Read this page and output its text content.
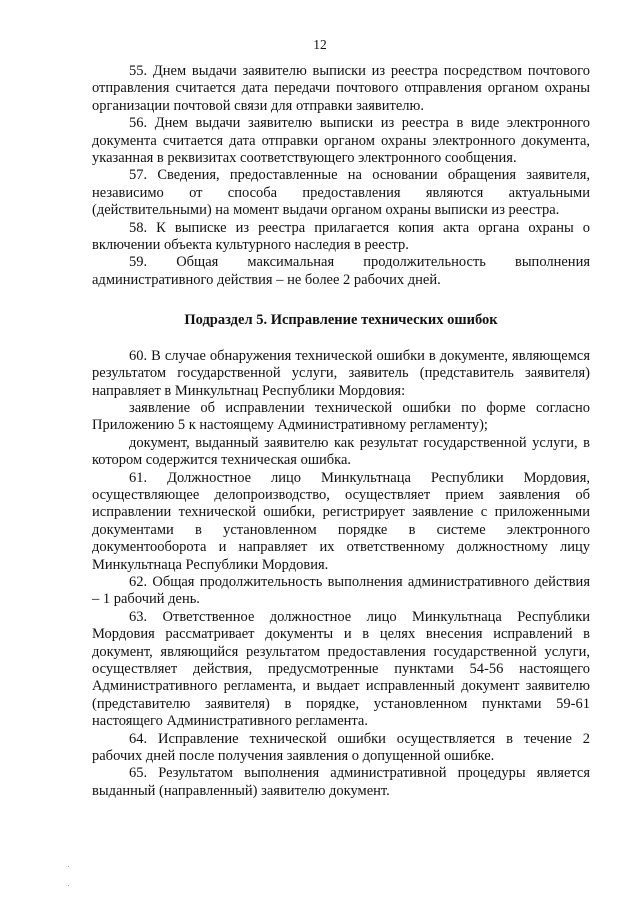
12

55. Днем выдачи заявителю выписки из реестра посредством почтового отправления считается дата передачи почтового отправления органом охраны организации почтовой связи для отправки заявителю.

56. Днем выдачи заявителю выписки из реестра в виде электронного документа считается дата отправки органом охраны электронного документа, указанная в реквизитах соответствующего электронного сообщения.

57. Сведения, предоставленные на основании обращения заявителя, независимо от способа предоставления являются актуальными (действительными) на момент выдачи органом охраны выписки из реестра.

58. К выписке из реестра прилагается копия акта органа охраны о включении объекта культурного наследия в реестр.

59. Общая максимальная продолжительность выполнения административного действия – не более 2 рабочих дней.

Подраздел 5. Исправление технических ошибок

60. В случае обнаружения технической ошибки в документе, являющемся результатом государственной услуги, заявитель (представитель заявителя) направляет в Минкультнац Республики Мордовия:

заявление об исправлении технической ошибки по форме согласно Приложению 5 к настоящему Административному регламенту);

документ, выданный заявителю как результат государственной услуги, в котором содержится техническая ошибка.

61. Должностное лицо Минкультнаца Республики Мордовия, осуществляющее делопроизводство, осуществляет прием заявления об исправлении технической ошибки, регистрирует заявление с приложенными документами в установленном порядке в системе электронного документооборота и направляет их ответственному должностному лицу Минкультнаца Республики Мордовия.

62. Общая продолжительность выполнения административного действия – 1 рабочий день.

63. Ответственное должностное лицо Минкультнаца Республики Мордовия рассматривает документы и в целях внесения исправлений в документ, являющийся результатом предоставления государственной услуги, осуществляет действия, предусмотренные пунктами 54-56 настоящего Административного регламента, и выдает исправленный документ заявителю (представителю заявителя) в порядке, установленном пунктами 59-61 настоящего Административного регламента.

64. Исправление технической ошибки осуществляется в течение 2 рабочих дней после получения заявления о допущенной ошибке.

65. Результатом выполнения административной процедуры является выданный (направленный) заявителю документ.
